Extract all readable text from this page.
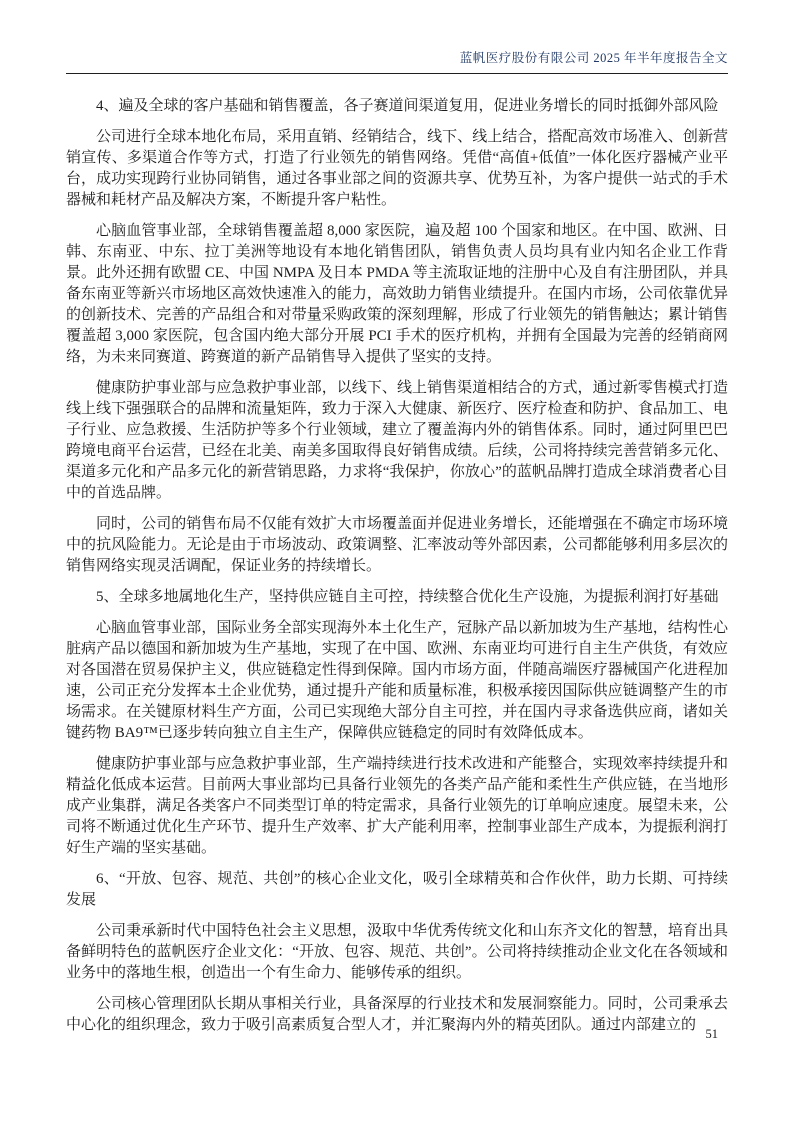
蓝帆医疗股份有限公司 2025 年半年度报告全文
4、遍及全球的客户基础和销售覆盖，各子赛道间渠道复用，促进业务增长的同时抵御外部风险
公司进行全球本地化布局，采用直销、经销结合，线下、线上结合，搭配高效市场准入、创新营销宣传、多渠道合作等方式，打造了行业领先的销售网络。凭借“高值+低值”一体化医疗器械产业平台，成功实现跨行业协同销售，通过各事业部之间的资源共享、优势互补，为客户提供一站式的手术器械和耗材产品及解决方案，不断提升客户粘性。
心脑血管事业部，全球销售覆盖超 8,000 家医院，遍及超 100 个国家和地区。在中国、欧洲、日韩、东南亚、中东、拉丁美洲等地设有本地化销售团队，销售负责人员均具有业内知名企业工作背景。此外还拥有欧盟 CE、中国 NMPA 及日本 PMDA 等主流取证地的注册中心及自有注册团队，并具备东南亚等新兴市场地区高效快速准入的能力，高效助力销售业绩提升。在国内市场，公司依靠优异的创新技术、完善的产品组合和对带量采购政策的深刻理解，形成了行业领先的销售触达；累计销售覆盖超 3,000 家医院，包含国内绝大部分开展 PCI 手术的医疗机构，并拥有全国最为完善的经销商网络，为未来同赛道、跨赛道的新产品销售导入提供了坚实的支持。
健康防护事业部与应急救护事业部，以线下、线上销售渠道相结合的方式，通过新零售模式打造线上线下强强联合的品牌和流量矩阵，致力于深入大健康、新医疗、医疗检查和防护、食品加工、电子行业、应急救援、生活防护等多个行业领域，建立了覆盖海内外的销售体系。同时，通过阿里巴巴跨境电商平台运营，已经在北美、南美多国取得良好销售成绩。后续，公司将持续完善营销多元化、渠道多元化和产品多元化的新营销思路，力求将“我保护，你放心”的蓝帆品牌打造成全球消费者心目中的首选品牌。
同时，公司的销售布局不仅能有效扩大市场覆盖面并促进业务增长，还能增强在不确定市场环境中的抗风险能力。无论是由于市场波动、政策调整、汇率波动等外部因素，公司都能够利用多层次的销售网络实现灵活调配，保证业务的持续增长。
5、全球多地属地化生产，坚持供应链自主可控，持续整合优化生产设施，为提振利润打好基础
心脑血管事业部，国际业务全部实现海外本土化生产，冠脉产品以新加坡为生产基地，结构性心脏病产品以德国和新加坡为生产基地，实现了在中国、欧洲、东南亚均可进行自主生产供货，有效应对各国潜在贸易保护主义，供应链稳定性得到保障。国内市场方面，伴随高端医疗器械国产化进程加速，公司正充分发挥本土企业优势，通过提升产能和质量标准，积极承接因国际供应链调整产生的市场需求。在关键原材料生产方面，公司已实现绝大部分自主可控，并在国内寻求备选供应商，诸如关键药物 BA9™已逐步转向独立自主生产，保障供应链稳定的同时有效降低成本。
健康防护事业部与应急救护事业部，生产端持续进行技术改进和产能整合，实现效率持续提升和精益化低成本运营。目前两大事业部均已具备行业领先的各类产品产能和柔性生产供应链，在当地形成产业集群，满足各类客户不同类型订单的特定需求，具备行业领先的订单响应速度。展望未来，公司将不断通过优化生产环节、提升生产效率、扩大产能利用率，控制事业部生产成本，为提振利润打好生产端的坚实基础。
6、“开放、包容、规范、共创”的核心企业文化，吸引全球精英和合作伙伴，助力长期、可持续发展
公司秉承新时代中国特色社会主义思想，汲取中华优秀传统文化和山东齐文化的智慧，培育出具备鲜明特色的蓝帆医疗企业文化：“开放、包容、规范、共创”。公司将持续推动企业文化在各领域和业务中的落地生根，创造出一个有生命力、能够传承的组织。
公司核心管理团队长期从事相关行业，具备深厚的行业技术和发展洞察能力。同时，公司秉承去中心化的组织理念，致力于吸引高素质复合型人才，并汇聚海内外的精英团队。通过内部建立的
51
